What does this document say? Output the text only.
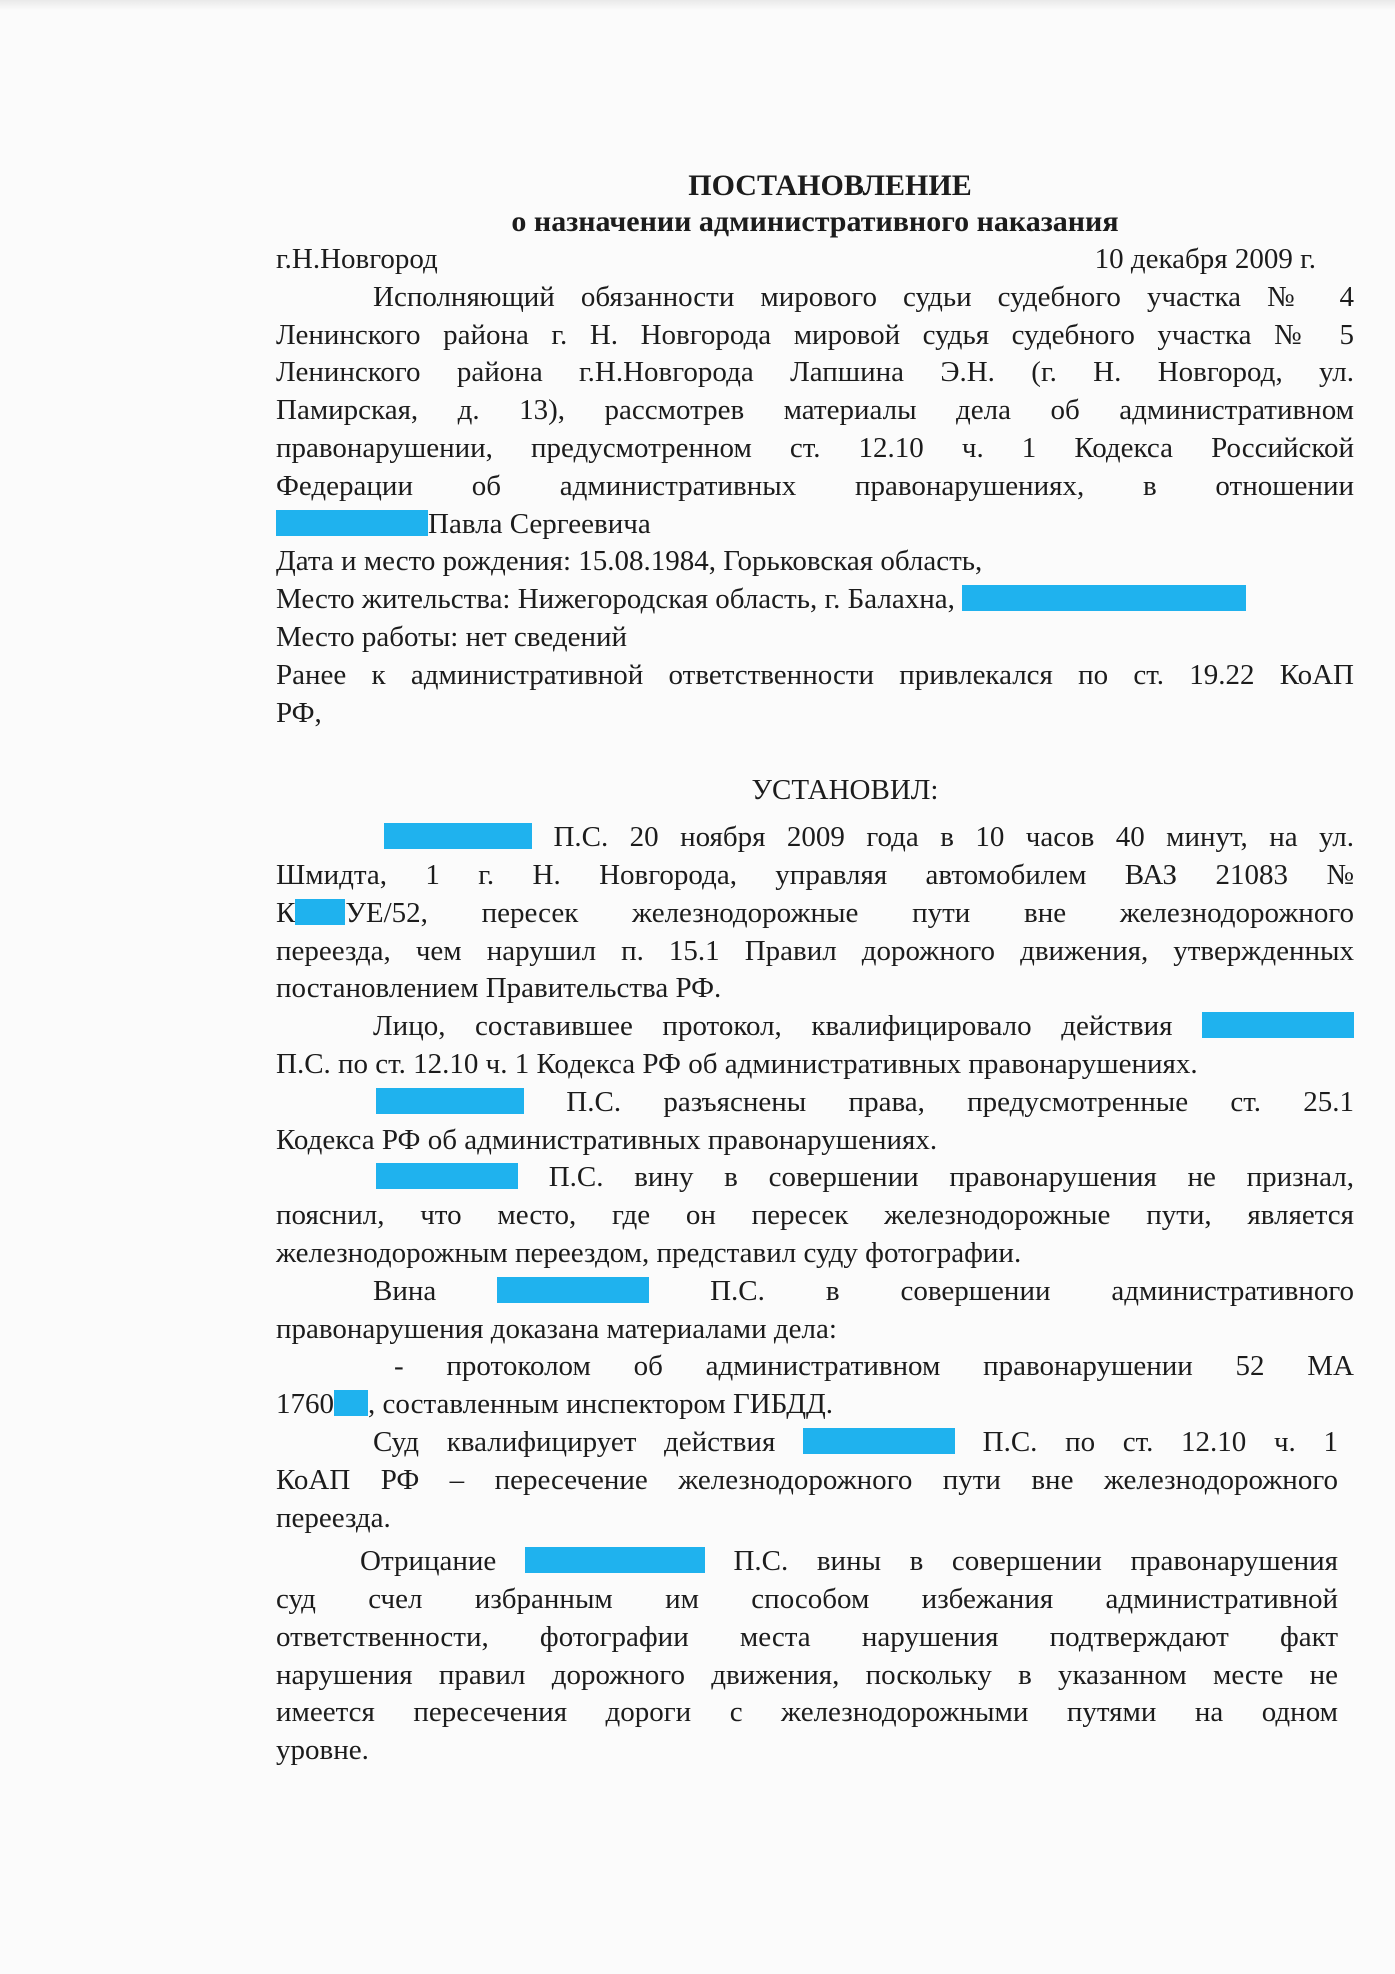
ПОСТАНОВЛЕНИЕ
о назначении административного наказания
г.Н.Новгород	10 декабря 2009 г.

Исполняющий обязанности мирового судьи судебного участка № 4

Ленинского района г. Н. Новгорода мировой судья судебного участка № 5

Ленинского района г.Н.Новгорода Лапшина Э.Н. (г. Н. Новгород, ул.

Памирская, д. 13), рассмотрев материалы дела об административном

правонарушении, предусмотренном ст. 12.10 ч. 1 Кодекса Российской

Федерации об административных правонарушениях, в отношении

Павла Сергеевича

Дата и место рождения: 15.08.1984, Горьковская область,

Место жительства: Нижегородская область, г. Балахна,

Место работы: нет сведений

Ранее к административной ответственности привлекался по ст. 19.22 КоАП

РФ,

УСТАНОВИЛ:

П.С. 20 ноября 2009 года в 10 часов 40 минут, на ул.

Шмидта, 1 г. Н. Новгорода, управляя автомобилем ВАЗ 21083 №

К УЕ/52, пересек железнодорожные пути вне железнодорожного

переезда, чем нарушил п. 15.1 Правил дорожного движения, утвержденных

постановлением Правительства РФ.

Лицо, составившее протокол, квалифицировало действия

П.С. по ст. 12.10 ч. 1 Кодекса РФ об административных правонарушениях.

П.С. разъяснены права, предусмотренные ст. 25.1

Кодекса РФ об административных правонарушениях.

П.С. вину в совершении правонарушения не признал,

пояснил, что место, где он пересек железнодорожные пути, является

железнодорожным переездом, представил суду фотографии.

Вина	П.С. в совершении административного

правонарушения доказана материалами дела:

- протоколом об административном правонарушении 52 МА

1760 , составленным инспектором ГИБДД.

Суд квалифицирует действия	П.С. по ст. 12.10 ч. 1

КоАП РФ – пересечение железнодорожного пути вне железнодорожного

переезда.

Отрицание	П.С. вины в совершении правонарушения

суд счел избранным им способом избежания административной

ответственности, фотографии места нарушения подтверждают факт

нарушения правил дорожного движения, поскольку в указанном месте не

имеется пересечения дороги с железнодорожными путями на одном

уровне.
